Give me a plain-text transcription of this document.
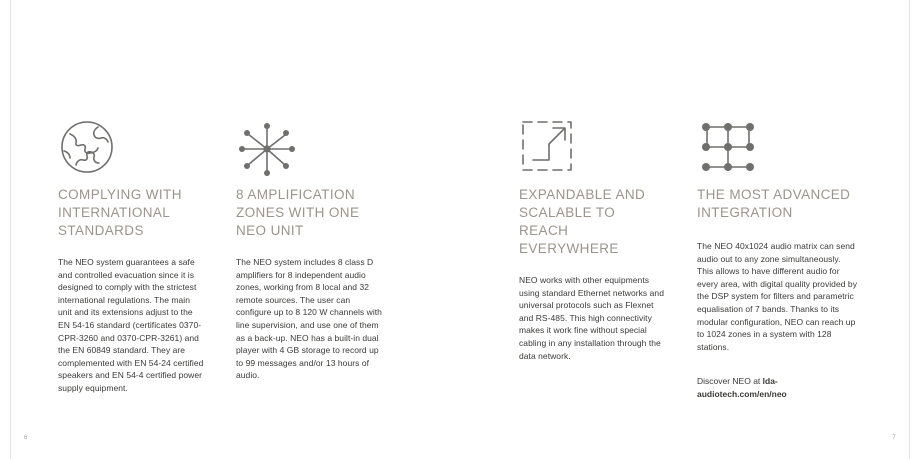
COMPLYING WITH INTERNATIONAL STANDARDS

The NEO system guarantees a safe and controlled evacuation since it is designed to comply with the strictest international regulations. The main unit and its extensions adjust to the EN 54-16 standard (certificates 0370-CPR-3260 and 0370-CPR-3261) and the EN 60849 standard. They are complemented with EN 54-24 certified speakers and EN 54-4 certified power supply equipment.

8 AMPLIFICATION ZONES WITH ONE NEO UNIT

The NEO system includes 8 class D amplifiers for 8 independent audio zones, working from 8 local and 32 remote sources. The user can configure up to 8 120 W channels with line supervision, and use one of them as a back-up. NEO has a built-in dual player with 4 GB storage to record up to 99 messages and/or 13 hours of audio.

EXPANDABLE AND SCALABLE TO REACH EVERYWHERE

NEO works with other equipments using standard Ethernet networks and universal protocols such as Flexnet and RS-485. This high connectivity makes it work fine without special cabling in any installation through the data network.

THE MOST ADVANCED INTEGRATION

The NEO 40x1024 audio matrix can send audio out to any zone simultaneously. This allows to have different audio for every area, with digital quality provided by the DSP system for filters and parametric equalisation of 7 bands. Thanks to its modular configuration, NEO can reach up to 1024 zones in a system with 128 stations.

Discover NEO at lda-audiotech.com/en/neo

6	7
